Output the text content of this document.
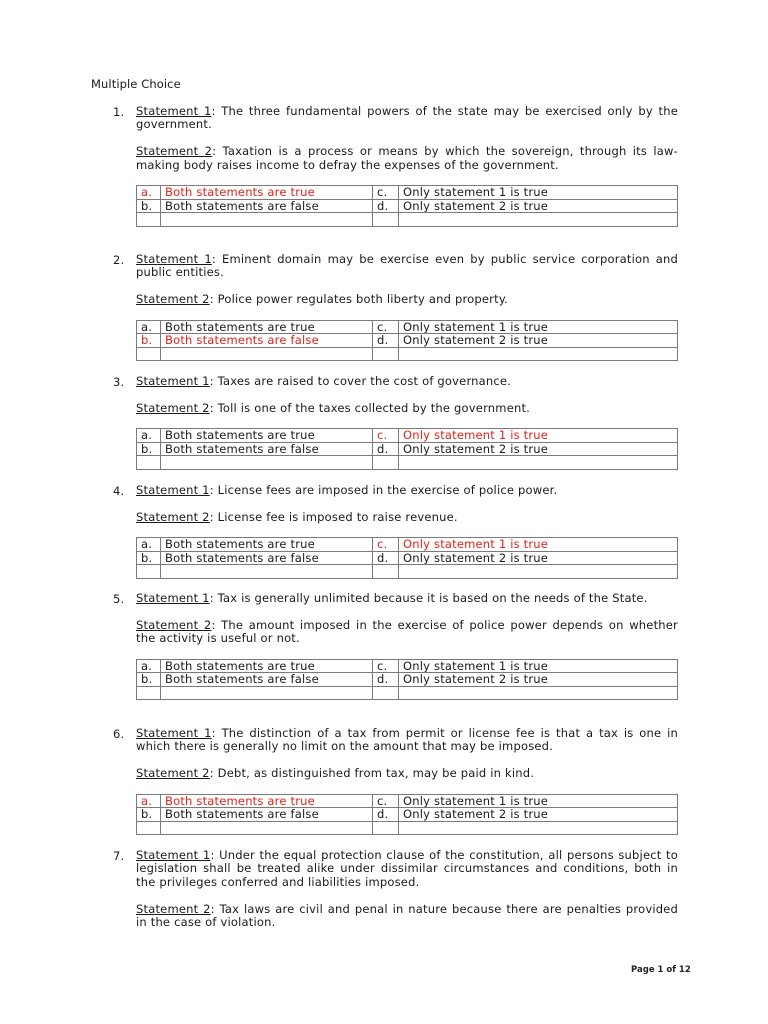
Multiple Choice
1. Statement 1: The three fundamental powers of the state may be exercised only by the government.

Statement 2: Taxation is a process or means by which the sovereign, through its law-making body raises income to defray the expenses of the government.

a.	Both statements are true	c.	Only statement 1 is true
b.	Both statements are false	d.	Only statement 2 is true

2. Statement 1: Eminent domain may be exercise even by public service corporation and public entities.

Statement 2: Police power regulates both liberty and property.

a.	Both statements are true	c.	Only statement 1 is true
b.	Both statements are false	d.	Only statement 2 is true

3. Statement 1: Taxes are raised to cover the cost of governance.

Statement 2: Toll is one of the taxes collected by the government.

a.	Both statements are true	c.	Only statement 1 is true
b.	Both statements are false	d.	Only statement 2 is true

4. Statement 1: License fees are imposed in the exercise of police power.

Statement 2: License fee is imposed to raise revenue.

a.	Both statements are true	c.	Only statement 1 is true
b.	Both statements are false	d.	Only statement 2 is true

5. Statement 1: Tax is generally unlimited because it is based on the needs of the State.

Statement 2: The amount imposed in the exercise of police power depends on whether the activity is useful or not.

a.	Both statements are true	c.	Only statement 1 is true
b.	Both statements are false	d.	Only statement 2 is true

6. Statement 1: The distinction of a tax from permit or license fee is that a tax is one in which there is generally no limit on the amount that may be imposed.

Statement 2: Debt, as distinguished from tax, may be paid in kind.

a.	Both statements are true	c.	Only statement 1 is true
b.	Both statements are false	d.	Only statement 2 is true

7. Statement 1: Under the equal protection clause of the constitution, all persons subject to legislation shall be treated alike under dissimilar circumstances and conditions, both in the privileges conferred and liabilities imposed.

Statement 2: Tax laws are civil and penal in nature because there are penalties provided in the case of violation.

Page 1 of 12
